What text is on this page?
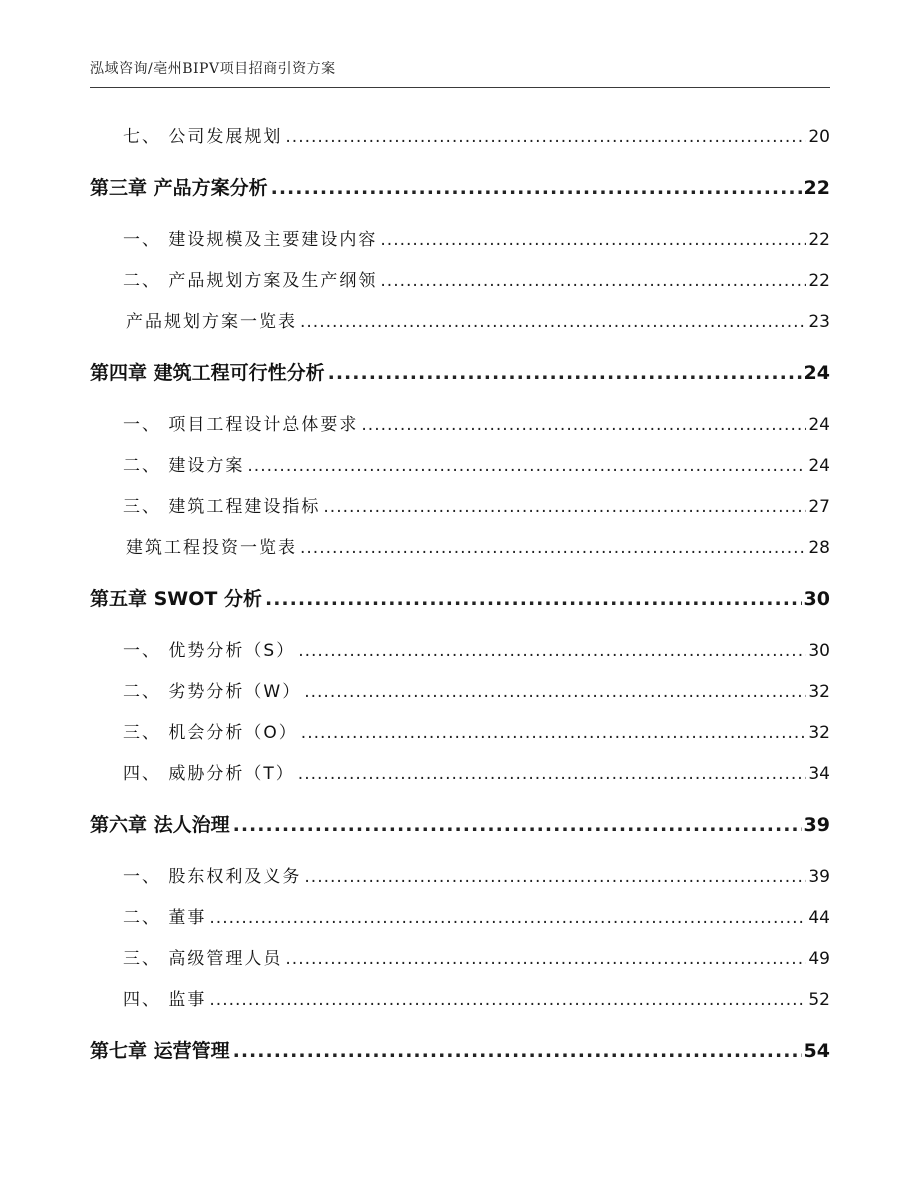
泓域咨询/亳州BIPV项目招商引资方案
七、 公司发展规划 .....	20
第三章 产品方案分析 .....	22
一、 建设规模及主要建设内容 .....	22
二、 产品规划方案及生产纲领 .....	22
产品规划方案一览表 .....	23
第四章 建筑工程可行性分析 .....	24
一、 项目工程设计总体要求 .....	24
二、 建设方案 .....	24
三、 建筑工程建设指标 .....	27
建筑工程投资一览表 .....	28
第五章 SWOT 分析 .....	30
一、 优势分析（S） .....	30
二、 劣势分析（W） .....	32
三、 机会分析（O） .....	32
四、 威胁分析（T） .....	34
第六章 法人治理 .....	39
一、 股东权利及义务 .....	39
二、 董事 .....	44
三、 高级管理人员 .....	49
四、 监事 .....	52
第七章 运营管理 .....	54
